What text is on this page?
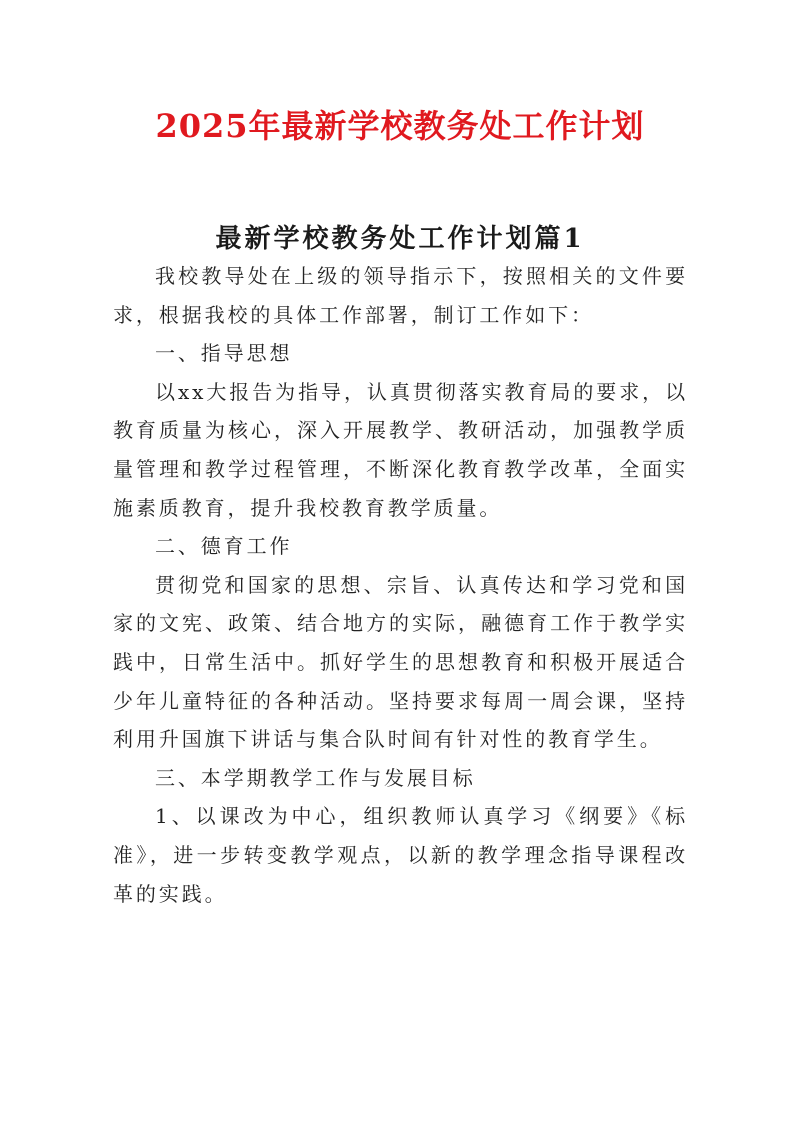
2025年最新学校教务处工作计划
最新学校教务处工作计划篇1

我校教导处在上级的领导指示下，按照相关的文件要求，根据我校的具体工作部署，制订工作如下：

一、指导思想

以xx大报告为指导，认真贯彻落实教育局的要求，以教育质量为核心，深入开展教学、教研活动，加强教学质量管理和教学过程管理，不断深化教育教学改革，全面实施素质教育，提升我校教育教学质量。

二、德育工作

贯彻党和国家的思想、宗旨、认真传达和学习党和国家的文宪、政策、结合地方的实际，融德育工作于教学实践中，日常生活中。抓好学生的思想教育和积极开展适合少年儿童特征的各种活动。坚持要求每周一周会课，坚持利用升国旗下讲话与集合队时间有针对性的教育学生。

三、本学期教学工作与发展目标

1、以课改为中心，组织教师认真学习《纲要》《标准》，进一步转变教学观点，以新的教学理念指导课程改革的实践。
